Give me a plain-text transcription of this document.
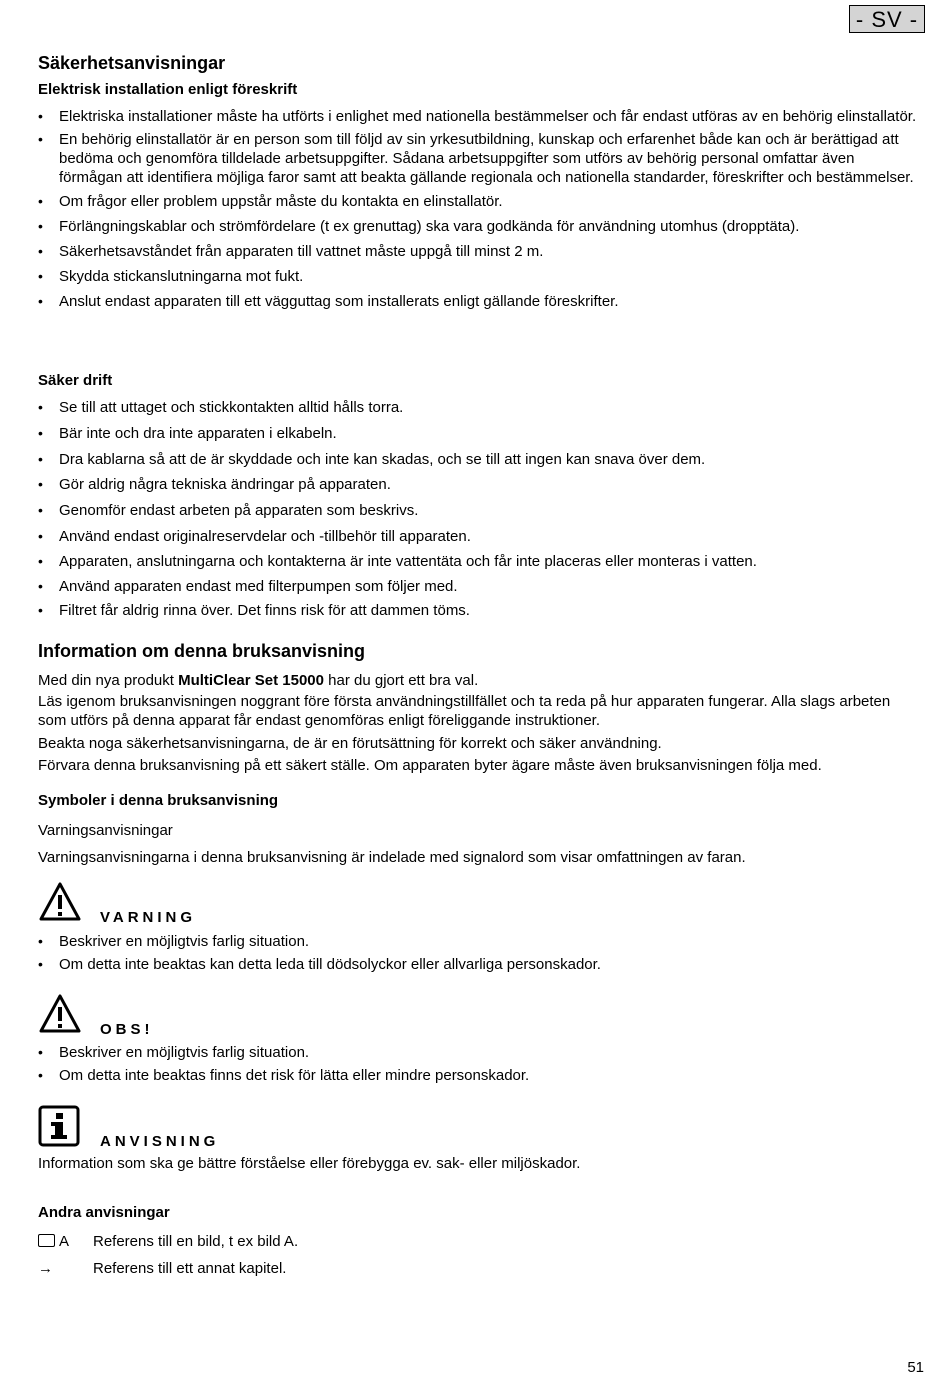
- SV -
Säkerhetsanvisningar
Elektrisk installation enligt föreskrift
• Elektriska installationer måste ha utförts i enlighet med nationella bestämmelser och får endast utföras av en behörig elinstallatör.
• En behörig elinstallatör är en person som till följd av sin yrkesutbildning, kunskap och erfarenhet både kan och är berättigad att bedöma och genomföra tilldelade arbetsuppgifter. Sådana arbetsuppgifter som utförs av behörig personal omfattar även förmågan att identifiera möjliga faror samt att beakta gällande regionala och nationella standarder, föreskrifter och bestämmelser.
• Om frågor eller problem uppstår måste du kontakta en elinstallatör.
• Förlängningskablar och strömfördelare (t ex grenuttag) ska vara godkända för användning utomhus (dropptäta).
• Säkerhetsavståndet från apparaten till vattnet måste uppgå till minst 2 m.
• Skydda stickanslutningarna mot fukt.
• Anslut endast apparaten till ett vägguttag som installerats enligt gällande föreskrifter.
Säker drift
• Se till att uttaget och stickkontakten alltid hålls torra.
• Bär inte och dra inte apparaten i elkabeln.
• Dra kablarna så att de är skyddade och inte kan skadas, och se till att ingen kan snava över dem.
• Gör aldrig några tekniska ändringar på apparaten.
• Genomför endast arbeten på apparaten som beskrivs.
• Använd endast originalreservdelar och -tillbehör till apparaten.
• Apparaten, anslutningarna och kontakterna är inte vattentäta och får inte placeras eller monteras i vatten.
• Använd apparaten endast med filterpumpen som följer med.
• Filtret får aldrig rinna över. Det finns risk för att dammen töms.
Information om denna bruksanvisning
Med din nya produkt MultiClear Set 15000 har du gjort ett bra val.
Läs igenom bruksanvisningen noggrant före första användningstillfället och ta reda på hur apparaten fungerar. Alla slags arbeten som utförs på denna apparat får endast genomföras enligt föreliggande instruktioner.
Beakta noga säkerhetsanvisningarna, de är en förutsättning för korrekt och säker användning.
Förvara denna bruksanvisning på ett säkert ställe. Om apparaten byter ägare måste även bruksanvisningen följa med.
Symboler i denna bruksanvisning
Varningsanvisningar
Varningsanvisningarna i denna bruksanvisning är indelade med signalord som visar omfattningen av faran.
VARNING
• Beskriver en möjligtvis farlig situation.
• Om detta inte beaktas kan detta leda till dödsolyckor eller allvarliga personskador.
OBS!
• Beskriver en möjligtvis farlig situation.
• Om detta inte beaktas finns det risk för lätta eller mindre personskador.
ANVISNING
Information som ska ge bättre förståelse eller förebygga ev. sak- eller miljöskador.
Andra anvisningar
A	Referens till en bild, t ex bild A.
→	Referens till ett annat kapitel.
51
